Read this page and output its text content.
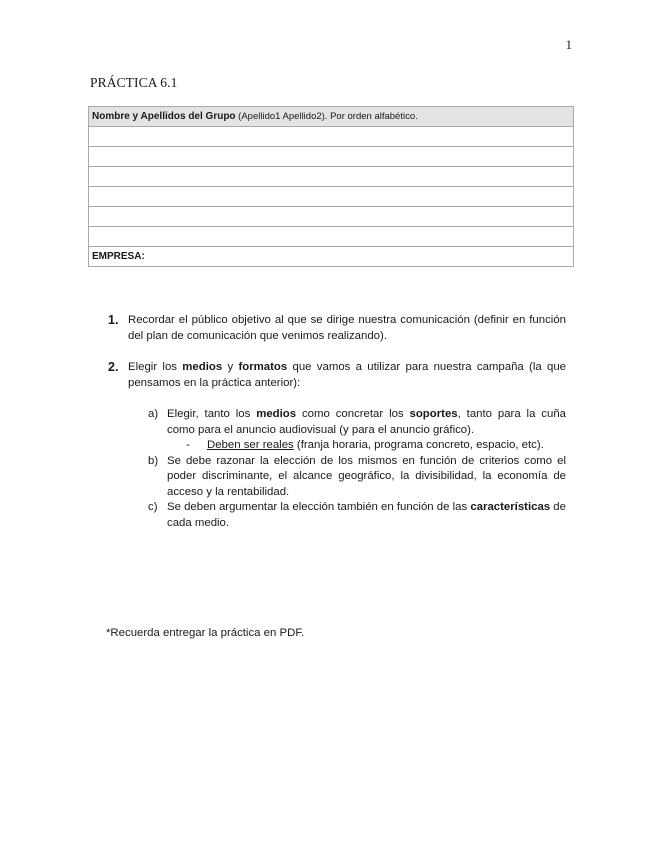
1
PRÁCTICA 6.1
Nombre y Apellidos del Grupo (Apellido1 Apellido2). Por orden alfabético.

EMPRESA:
1. Recordar el público objetivo al que se dirige nuestra comunicación (definir en función del plan de comunicación que venimos realizando).
2. Elegir los medios y formatos que vamos a utilizar para nuestra campaña (la que pensamos en la práctica anterior):
a) Elegir, tanto los medios como concretar los soportes, tanto para la cuña como para el anuncio audiovisual (y para el anuncio gráfico).
- Deben ser reales (franja horaria, programa concreto, espacio, etc).
b) Se debe razonar la elección de los mismos en función de criterios como el poder discriminante, el alcance geográfico, la divisibilidad, la economía de acceso y la rentabilidad.
c) Se deben argumentar la elección también en función de las características de cada medio.
*Recuerda entregar la práctica en PDF.
